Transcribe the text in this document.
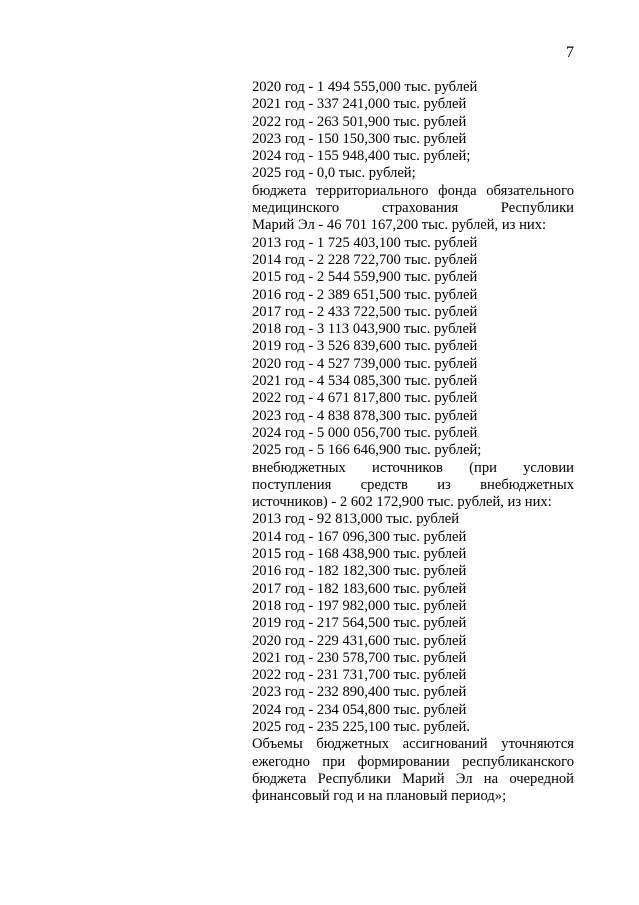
7
2020 год - 1 494 555,000 тыс. рублей
2021 год - 337 241,000 тыс. рублей
2022 год - 263 501,900 тыс. рублей
2023 год - 150 150,300 тыс. рублей
2024 год - 155 948,400 тыс. рублей;
2025 год - 0,0 тыс. рублей;
бюджета территориального фонда обязательного
медицинского страхования Республики
Марий Эл - 46 701 167,200 тыс. рублей, из них:
2013 год - 1 725 403,100 тыс. рублей
2014 год - 2 228 722,700 тыс. рублей
2015 год - 2 544 559,900 тыс. рублей
2016 год - 2 389 651,500 тыс. рублей
2017 год - 2 433 722,500 тыс. рублей
2018 год - 3 113 043,900 тыс. рублей
2019 год - 3 526 839,600 тыс. рублей
2020 год - 4 527 739,000 тыс. рублей
2021 год - 4 534 085,300 тыс. рублей
2022 год - 4 671 817,800 тыс. рублей
2023 год - 4 838 878,300 тыс. рублей
2024 год - 5 000 056,700 тыс. рублей
2025 год - 5 166 646,900 тыс. рублей;
внебюджетных источников (при условии
поступления средств из внебюджетных
источников) - 2 602 172,900 тыс. рублей, из них:
2013 год - 92 813,000 тыс. рублей
2014 год - 167 096,300 тыс. рублей
2015 год - 168 438,900 тыс. рублей
2016 год - 182 182,300 тыс. рублей
2017 год - 182 183,600 тыс. рублей
2018 год - 197 982,000 тыс. рублей
2019 год - 217 564,500 тыс. рублей
2020 год - 229 431,600 тыс. рублей
2021 год - 230 578,700 тыс. рублей
2022 год - 231 731,700 тыс. рублей
2023 год - 232 890,400 тыс. рублей
2024 год - 234 054,800 тыс. рублей
2025 год - 235 225,100 тыс. рублей.
Объемы бюджетных ассигнований уточняются
ежегодно при формировании республиканского
бюджета Республики Марий Эл на очередной
финансовый год и на плановый период»;
